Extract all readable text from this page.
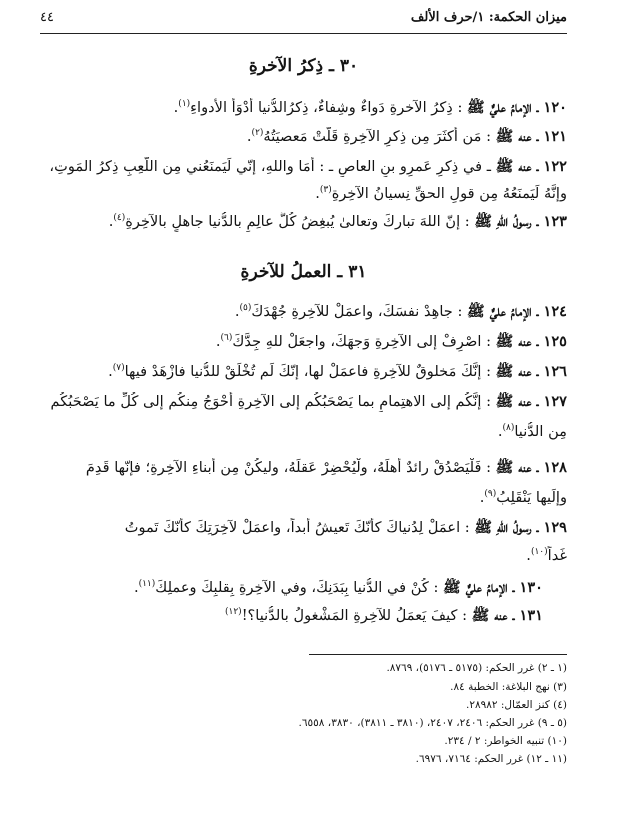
ميزان الحكمة: ١/حرف الألف
٤٤
٣٠ ـ ذِكرُ الآخرةِ
١٢٠ ـ الإمامُ عليٌّ ﷺ : ذِكرُ الآخرةِ دَواءٌ وشِفاءٌ، ذِكرُالدُّنيا أدْوَأُ الأدواءِ$^{(١)}$.
١٢١ ـ عنه ﷺ : مَن أكثَرَ مِن ذِكرِ الآخِرةِ قَلَّتْ مَعصيَتُهُ$^{(٢)}$.
١٢٢ ـ عنه ﷺ ـ في ذِكرِ عَمرِو بنِ العاصِ ـ : أمَا واللهِ، إنّي لَيَمنَعُني مِن اللَّعِبِ ذِكرُ المَوتِ،
وإنَّهُ لَيَمنَعُهُ مِن قولِ الحقِّ نِسيانُ الآخِرةِ$^{(٣)}$.
١٢٣ ـ رسولُ اللهِ ﷺ : إنّ اللهَ تباركَ وتعالىٰ يُبغِضُ كُلَّ عالِمٍ بالدُّنيا جاهلٍ بالآخِرةِ$^{(٤)}$.
٣١ ـ العملُ للآخرةِ
١٢٤ ـ الإمامُ عليٌّ ﷺ : جاهِدْ نفسَكَ، واعمَلْ للآخِرةِ جُهْدَكَ$^{(٥)}$.
١٢٥ ـ عنه ﷺ : اصْرِفْ إلى الآخِرةِ وَجهَكَ، واجعَلْ للهِ جِدَّكَ$^{(٦)}$.
١٢٦ ـ عنه ﷺ : إنَّكَ مَخلوقٌ للآخِرةِ فاعمَلْ لها، إنّكَ لَم تُخْلَقْ للدُّنيا فازْهَدْ فيها$^{(٧)}$.
١٢٧ ـ عنه ﷺ : إنَّكُم إلى الاهتِمامِ بما يَصْحَبُكُم إلى الآخِرةِ أحْوَجُ مِنكُم إلى كُلِّ ما يَصْحَبُكُم
مِن الدُّنيا$^{(٨)}$.
١٢٨ ـ عنه ﷺ : فَلْيَصْدُقْ رائدٌ أهلَهُ، ولْيُحْضِرْ عَقلَهُ، وليكُنْ مِن أبناءِ الآخِرةِ؛ فإنّها قَدِمَ
وإلَيها يَنْقَلِبُ$^{(٩)}$.
١٢٩ ـ رسولُ اللهِ ﷺ : اعمَلْ لِدُنياكَ كأنّكَ تَعيشُ أبداً، واعمَلْ لآخِرَتِكَ كأنّكَ تَموتُ
غَداً$^{(١٠)}$.
١٣٠ ـ الإمامُ عليٌّ ﷺ : كُنْ في الدُّنيا بِبَدَنِكَ، وفي الآخِرةِ بِقلبِكَ وعملِكَ$^{(١١)}$.
١٣١ ـ عنه ﷺ : كيفَ يَعمَلُ للآخِرةِ المَشْغولُ بالدُّنيا؟!$^{(١٢)}$
(١ ـ ٢) غرر الحكم: (٥١٧٥ ـ ٥١٧٦)، ٨٧٦٩.
(٣) نهج البلاغة: الخطبة ٨٤.
(٤) كنز العمّال: ٢٨٩٨٢.
(٥ ـ ٩) غرر الحكم: ٢٤٠٦، ٢٤٠٧، (٣٨١٠ ـ ٣٨١١)، ٣٨٣٠، ٦٥٥٨.
(١٠) تنبيه الخواطر: ٢ / ٢٣٤.
(١١ ـ ١٢) غرر الحكم: ٧١٦٤، ٦٩٧٦.
